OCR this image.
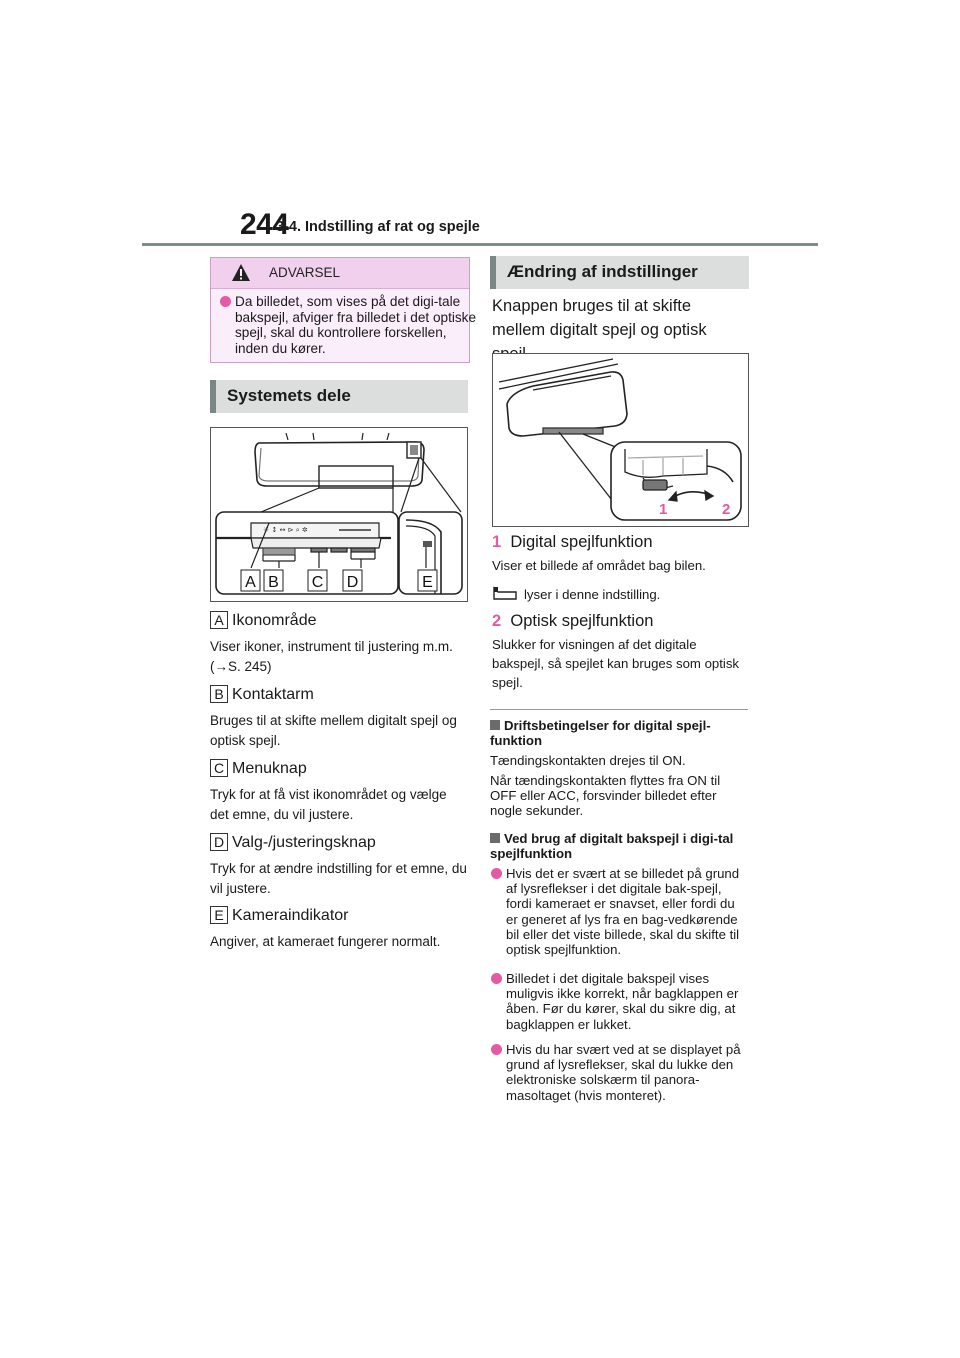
244
3-4. Indstilling af rat og spejle
ADVARSEL
Da billedet, som vises på det digi-tale bakspejl, afviger fra billedet i det optiske spejl, skal du kontrollere forskellen, inden du kører.
Systemets dele
☼ ↕ ↔ ⊳ ⌕ ✲
A B C D	E
A Ikonområde
Viser ikoner, instrument til justering m.m. (→S. 245)
B Kontaktarm
Bruges til at skifte mellem digitalt spejl og optisk spejl.
C Menuknap
Tryk for at få vist ikonområdet og vælge det emne, du vil justere.
D Valg-/justeringsknap
Tryk for at ændre indstilling for et emne, du vil justere.
E Kameraindikator
Angiver, at kameraet fungerer normalt.
Ændring af indstillinger
Knappen bruges til at skifte mellem digitalt spejl og optisk
1	2
1 Digital spejlfunktion
Viser et billede af området bag bilen.
lyser i denne indstilling.
2 Optisk spejlfunktion
Slukker for visningen af det digitale bakspejl, så spejlet kan bruges som optisk spejl.
Driftsbetingelser for digital spejl-funktion
Tændingskontakten drejes til ON.
Når tændingskontakten flyttes fra ON til OFF eller ACC, forsvinder billedet efter nogle sekunder.
Ved brug af digitalt bakspejl i digi-tal spejlfunktion
Hvis det er svært at se billedet på grund af lysreflekser i det digitale bak-spejl, fordi kameraet er snavset, eller fordi du er generet af lys fra en bag-vedkørende bil eller det viste billede, skal du skifte til optisk spejlfunktion.
Billedet i det digitale bakspejl vises muligvis ikke korrekt, når bagklappen er åben. Før du kører, skal du sikre dig, at bagklappen er lukket.
Hvis du har svært ved at se displayet på grund af lysreflekser, skal du lukke den elektroniske solskærm til panora-masoltaget (hvis monteret).
